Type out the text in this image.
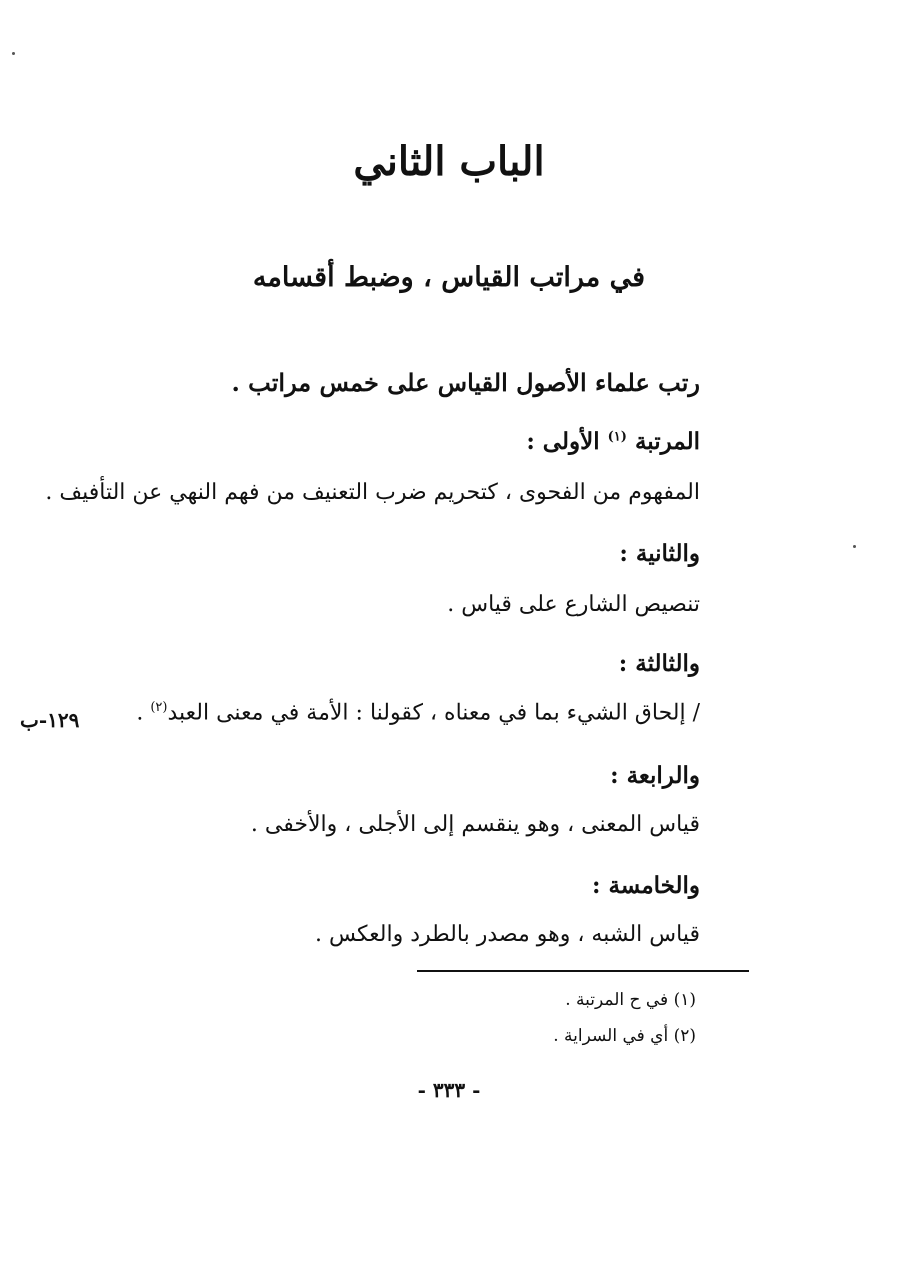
الباب الثاني
في مراتب القياس ، وضبط أقسامه
رتب علماء الأصول القياس على خمس مراتب .
المرتبة $^{(١)}$ الأولى :
المفهوم من الفحوى ، كتحريم ضرب التعنيف من فهم النهي عن التأفيف .
والثانية :
تنصيص الشارع على قياس .
والثالثة :
/ إلحاق الشيء بما في معناه ، كقولنا : الأمة في معنى العبد$^{(٢)}$ .
١٢٩-ب
والرابعة :
قياس المعنى ، وهو ينقسم إلى الأجلى ، والأخفى .
والخامسة :
قياس الشبه ، وهو مصدر بالطرد والعكس .
(١) في ح المرتبة .
(٢) أي في السراية .
- ٣٣٣ -
